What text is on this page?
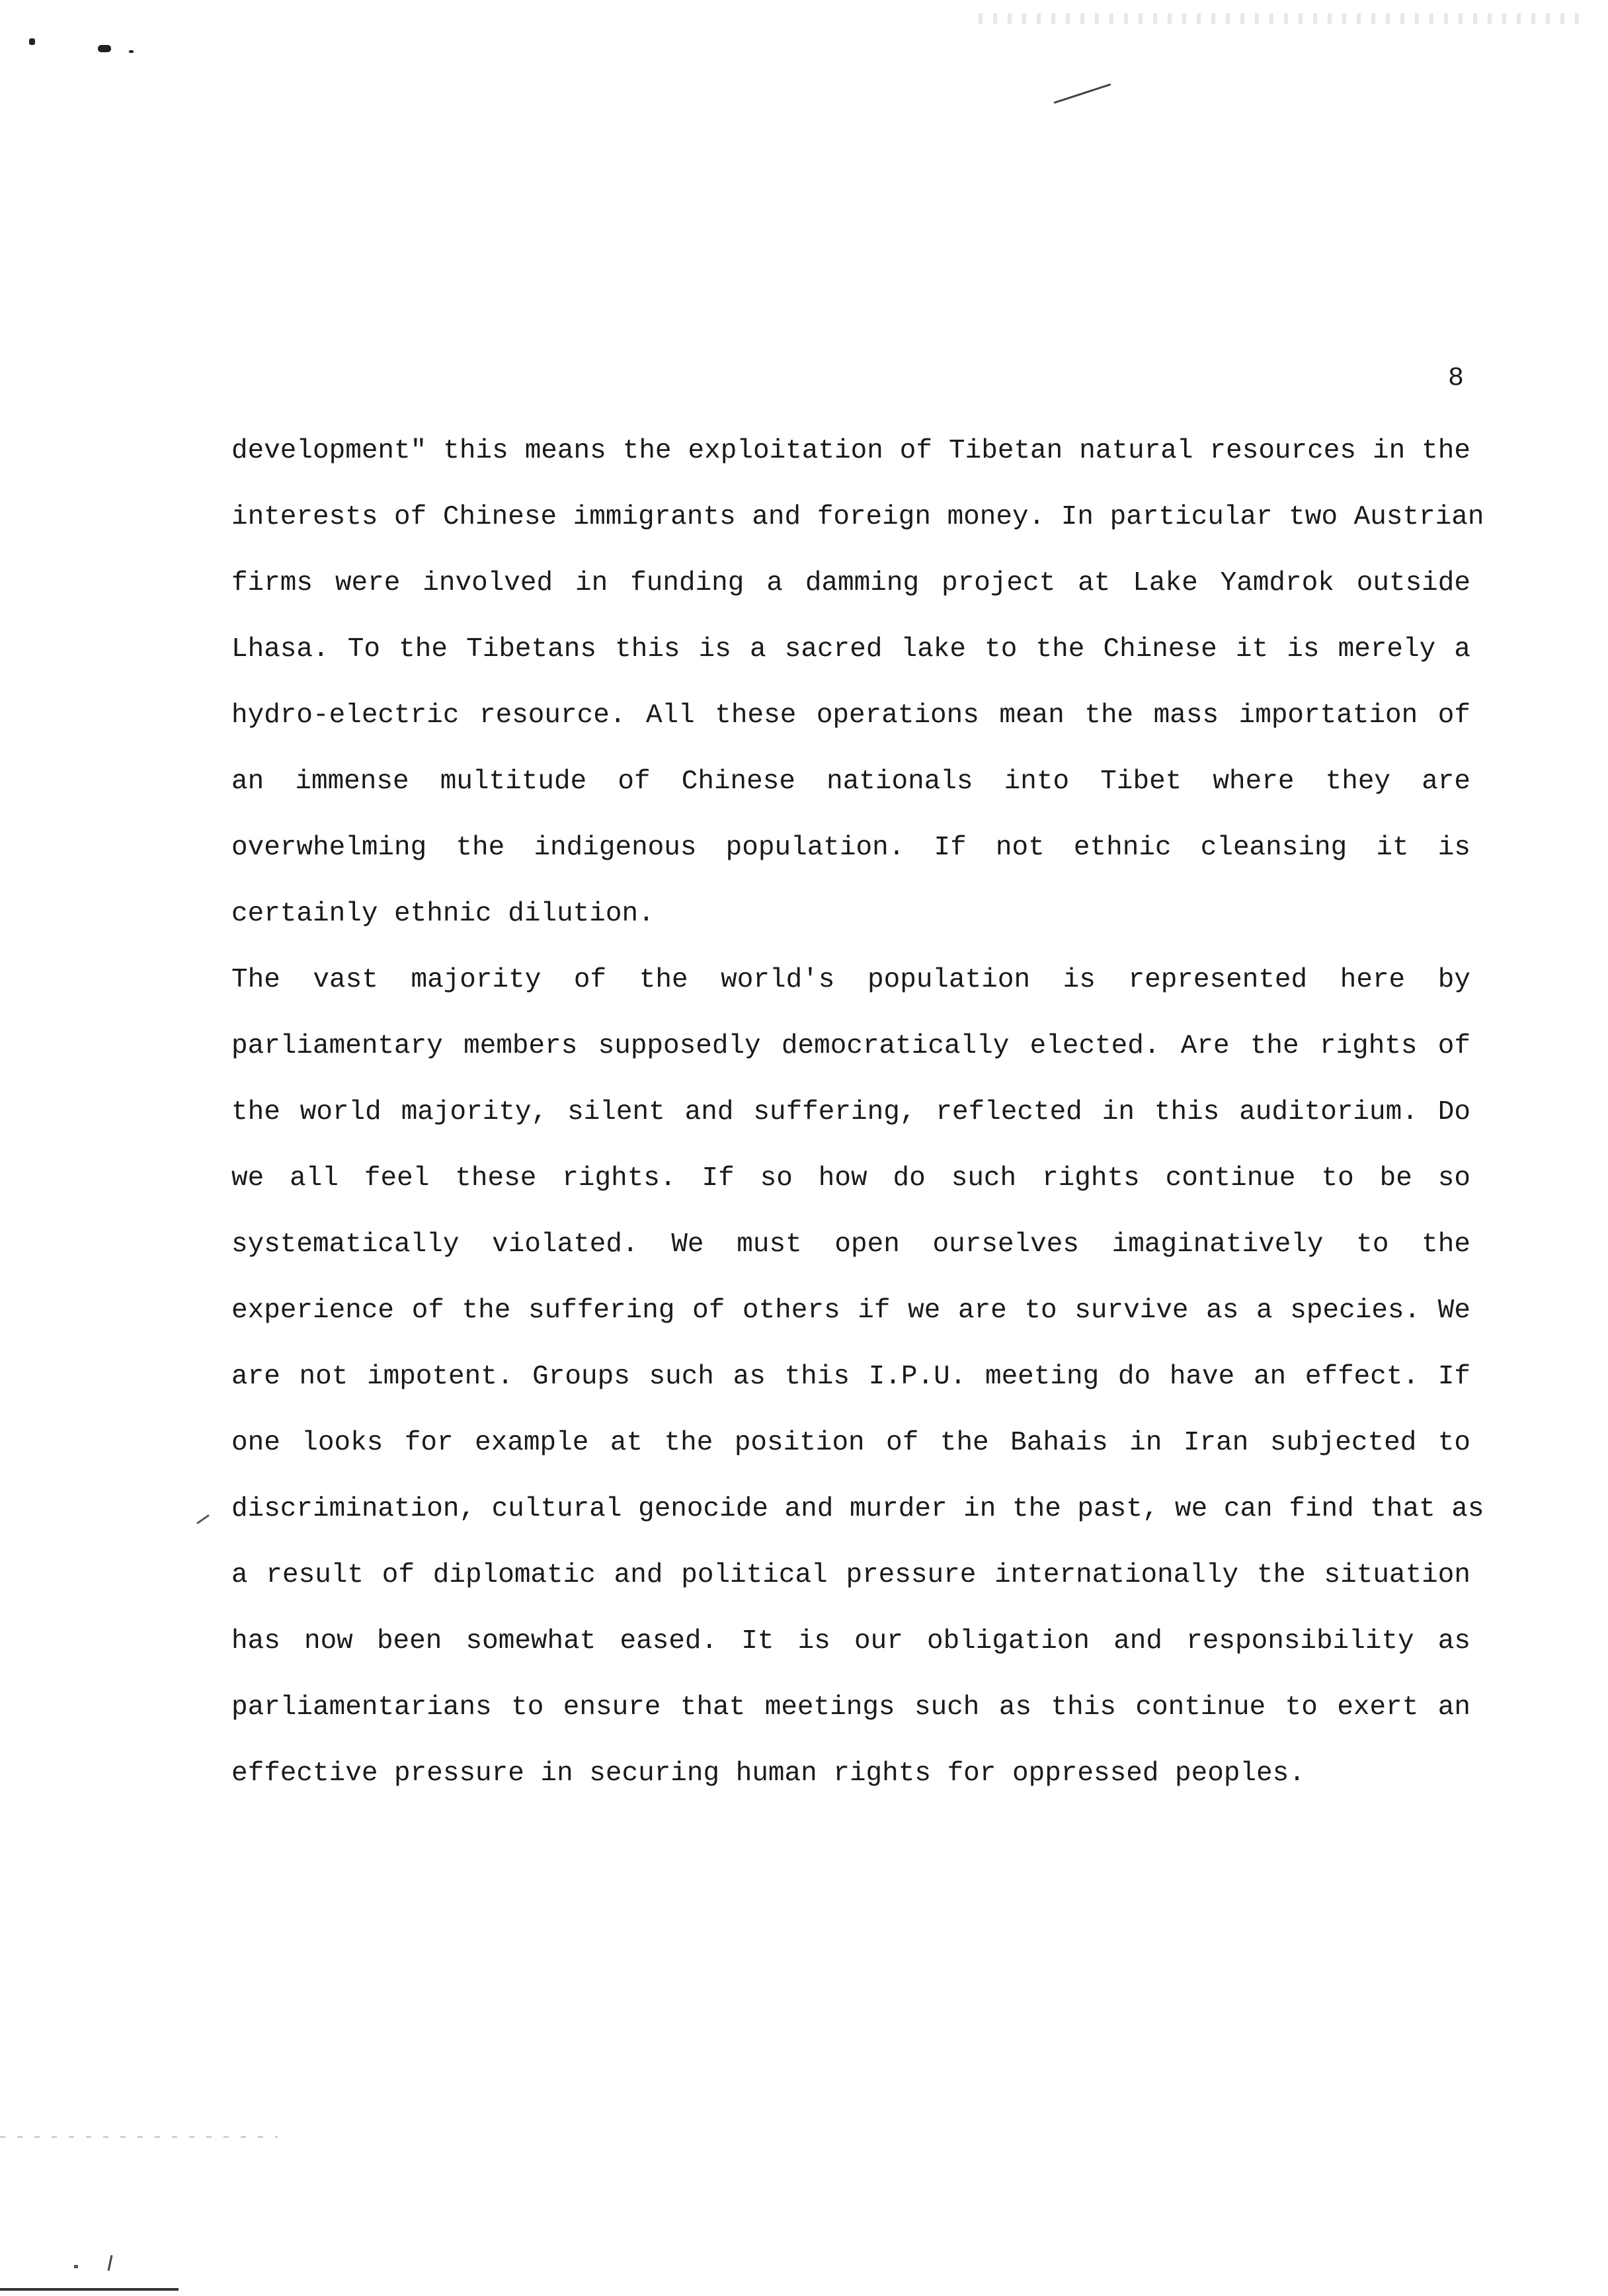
8
development" this means the exploitation of Tibetan natural resources in the
interests of Chinese immigrants and foreign money. In particular two Austrian
firms were involved in funding a damming project at Lake Yamdrok outside
Lhasa. To the Tibetans this is a sacred lake to the Chinese it is merely a
hydro-electric resource. All these operations mean the mass importation of
an immense multitude of Chinese nationals into Tibet where they are
overwhelming the indigenous population. If not ethnic cleansing it is
certainly ethnic dilution.
The vast majority of the world's population is represented here by
parliamentary members supposedly democratically elected. Are the rights of
the world majority, silent and suffering, reflected in this auditorium. Do
we all feel these rights. If so how do such rights continue to be so
systematically violated. We must open ourselves imaginatively to the
experience of the suffering of others if we are to survive as a species. We
are not impotent. Groups such as this I.P.U. meeting do have an effect. If
one looks for example at the position of the Bahais in Iran subjected to
discrimination, cultural genocide and murder in the past, we can find that as
a result of diplomatic and political pressure internationally the situation
has now been somewhat eased. It is our obligation and responsibility as
parliamentarians to ensure that meetings such as this continue to exert an
effective pressure in securing human rights for oppressed peoples.
